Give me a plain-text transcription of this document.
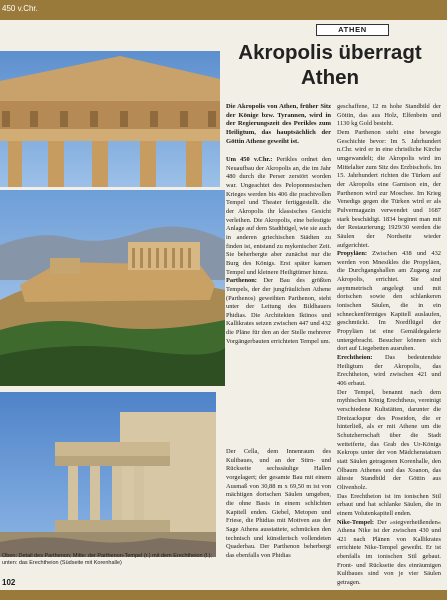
450 v.Chr.
ATHEN
Akropolis überragt
Athen
Die Akropolis von Athen, früher Sitz der Könige bzw. Tyrannen, wird in der Regierungszeit des Perikles zum Heiligtum, das hauptsächlich der Göttin Athene geweiht ist.

Um 450 v.Chr.: Perikles ordnet den Neuaufbau der Akropolis an, die im Jahr 480 durch die Perser zerstört worden war. Ungeachtet des Peloponnesischen Krieges werden bis 406 die prachtvollen Tempel und Theater fertiggestellt. die der Akropolis ihr klassisches Gesicht verleihen. Die Akropolis, eine befestigte Anlage auf dem Stadthügel, wie sie auch in anderen griechischen Städten zu finden ist, entstand zu mykenischer Zeit. Sie beherbergte aber zunächst nur die Burg des Königs. Erst später kamen Tempel und kleinere Heiligtümer hinzu.

Parthenon: Der Bau des größten Tempels, der der jungfräulichen Athene (Parthenos) geweihten Parthenon, steht unter der Leitung des Bildhauers Phidias. Die Architekten Iktinos und Kallikrates setzen zwischen 447 und 432 die Pläne für den an der Stelle mehrerer Vorgängerbauten errichteten Tempel um.

Der Cella, dem Innenraum des Kultbaues, und an der Stirn- und Rückseite sechssäulige Hallen vorgelagert; der gesamte Bau mit einem Ausmaß von 30,88 m x 69,50 m ist von mächtigen dorischen Säulen umgeben, die ohne Basis in einem schlichten Kapitell enden. Giebel, Metopen und Friese, die Phidias mit Motiven aus der Sage Athens ausstattete, schmücken den technisch und künstlerisch vollendeten Quaderbau. Der Parthenon beherbergt das ebenfalls von Phidias

geschaffene, 12 m hohe Standbild der Göttin, das aus Holz, Elfenbein und 1130 kg Gold besteht.

Dem Parthenon steht eine bewegte Geschichte bevor: Im 5. Jahrhundert n.Chr. wird er in eine christliche Kirche umgewandelt; die Akropolis wird im Mittelalter zum Sitz des Erzbischofs. Im 15. Jahrhundert richten die Türken auf der Akropolis eine Garnison ein, der Parthenon wird zur Moschee. Im Krieg Venedigs gegen die Türken wird er als Pulvermagazin verwendet und 1687 stark beschädigt. 1834 beginnt man mit der Restaurierung; 1929/30 werden die Säulen der Nordseite wieder aufgerichtet.

Propyläen: Zwischen 438 und 432 werden von Mnesikles die Propyläen, die Durchgangshallen am Zugang zur Akropolis, errichtet. Sie sind asymmetrisch angelegt und mit dorischen sowie den schlankeren ionischen Säulen, die in ein schneckenförmiges Kapitell auslaufen, geschmückt. Im Nordflügel der Propyläen ist eine Gemäldegalerie untergebracht. Besucher können sich dort auf Liegebetten ausruhen.

Erechtheion: Das bedeutendste Heiligtum der Akropolis, das Erechtheion, wird zwischen 421 und 406 erbaut.

Der Tempel, benannt nach dem mythischen König Erechtheus, vereinigt verschiedene Kultstätten, darunter die Dreizackspur des Poseidon, die er hinterließ, als er mit Athene um die Schutzherrschaft über die Stadt wetteiferte, das Grab des Ur-Königs Kekrops unter der von Mädchenstatuen statt Säulen getragenen Korenhalle, den Ölbaum Athenes und das Xoanon, das älteste Standbild der Göttin aus Olivenholz.

Das Erechtheion ist im ionischen Stil erbaut und hat schlanke Säulen, die in einem Volutenkapitell enden.

Nike-Tempel: Der »siegverheißenden« Athena Nike ist der zwischen 430 und 421 nach Plänen von Kallikrates errichtete Nike-Tempel geweiht. Er ist ebenfalls im ionischen Stil gebaut. Front- und Rückseite des einräumigen Kultbaues sind von je vier Säulen getragen.

Oben: Detail des Parthenon; Mitte: der Parthenon-Tempel (r.) mit dem Erechtheion (l.); unten: das Erechtheion (Südseite mit Korenhalle)
102
